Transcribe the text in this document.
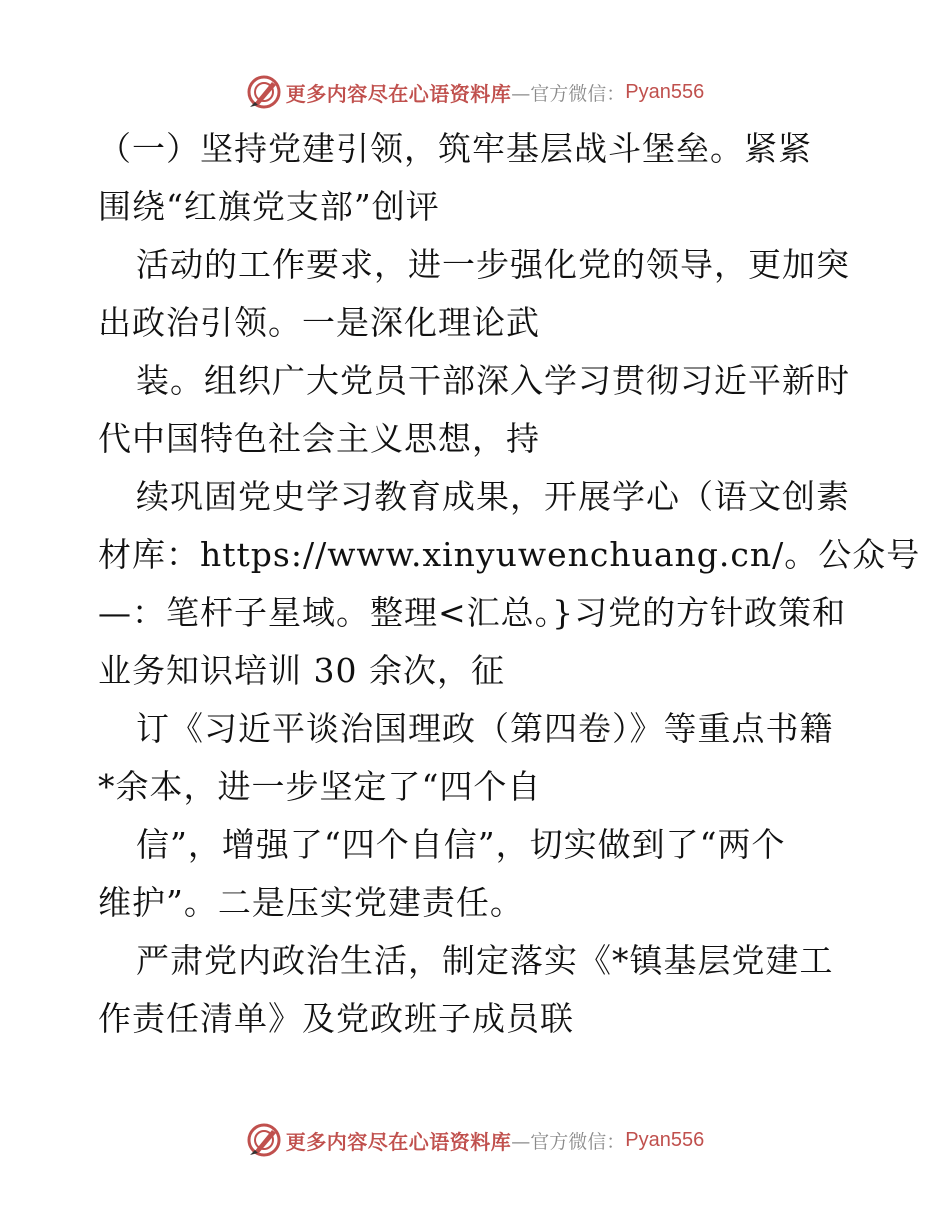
更多内容尽在心语资料库 —官方微信： Pyan556
（一）坚持党建引领，筑牢基层战斗堡垒。紧紧
围绕“红旗党支部”创评
活动的工作要求，进一步强化党的领导，更加突
出政治引领。一是深化理论武
装。组织广大党员干部深入学习贯彻习近平新时
代中国特色社会主义思想，持
续巩固党史学习教育成果，开展学心（语文创素
材库：https://www.xinyuwenchuang.cn/。公众号
—：笔杆子星域。整理<汇总。}习党的方针政策和
业务知识培训 30 余次，征
订《习近平谈治国理政（第四卷）》等重点书籍
*余本，进一步坚定了“四个自
信”，增强了“四个自信”，切实做到了“两个
维护”。二是压实党建责任。
严肃党内政治生活，制定落实《*镇基层党建工
作责任清单》及党政班子成员联
更多内容尽在心语资料库 —官方微信： Pyan556
